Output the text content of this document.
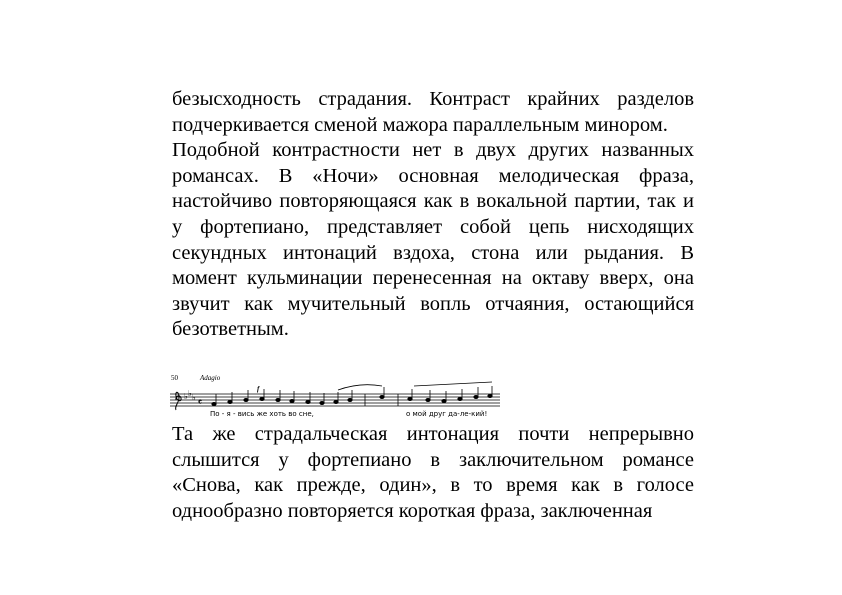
безысходность страдания. Контраст крайних разделов подчеркивается сменой мажора параллельным минором.

Подобной контрастности нет в двух других названных романсах. В «Ночи» основная мелодическая фраза, настойчиво повторяющаяся как в вокальной партии, так и у фортепиано, представляет собой цепь нисходящих секундных интонаций вздоха, стона или рыдания. В момент кульминации перенесенная на октаву вверх, она звучит как мучительный вопль отчаяния, остающийся безответным.

50	Adagio
f
♭ ♭ ♭ 𝄴
По - я - вись же хоть во сне,	о мой друг да-ле-кий!

Та же страдальческая интонация почти непрерывно слышится у фортепиано в заключительном романсе «Снова, как прежде, один», в то время как в голосе однообразно повторяется короткая фраза, заключенная
